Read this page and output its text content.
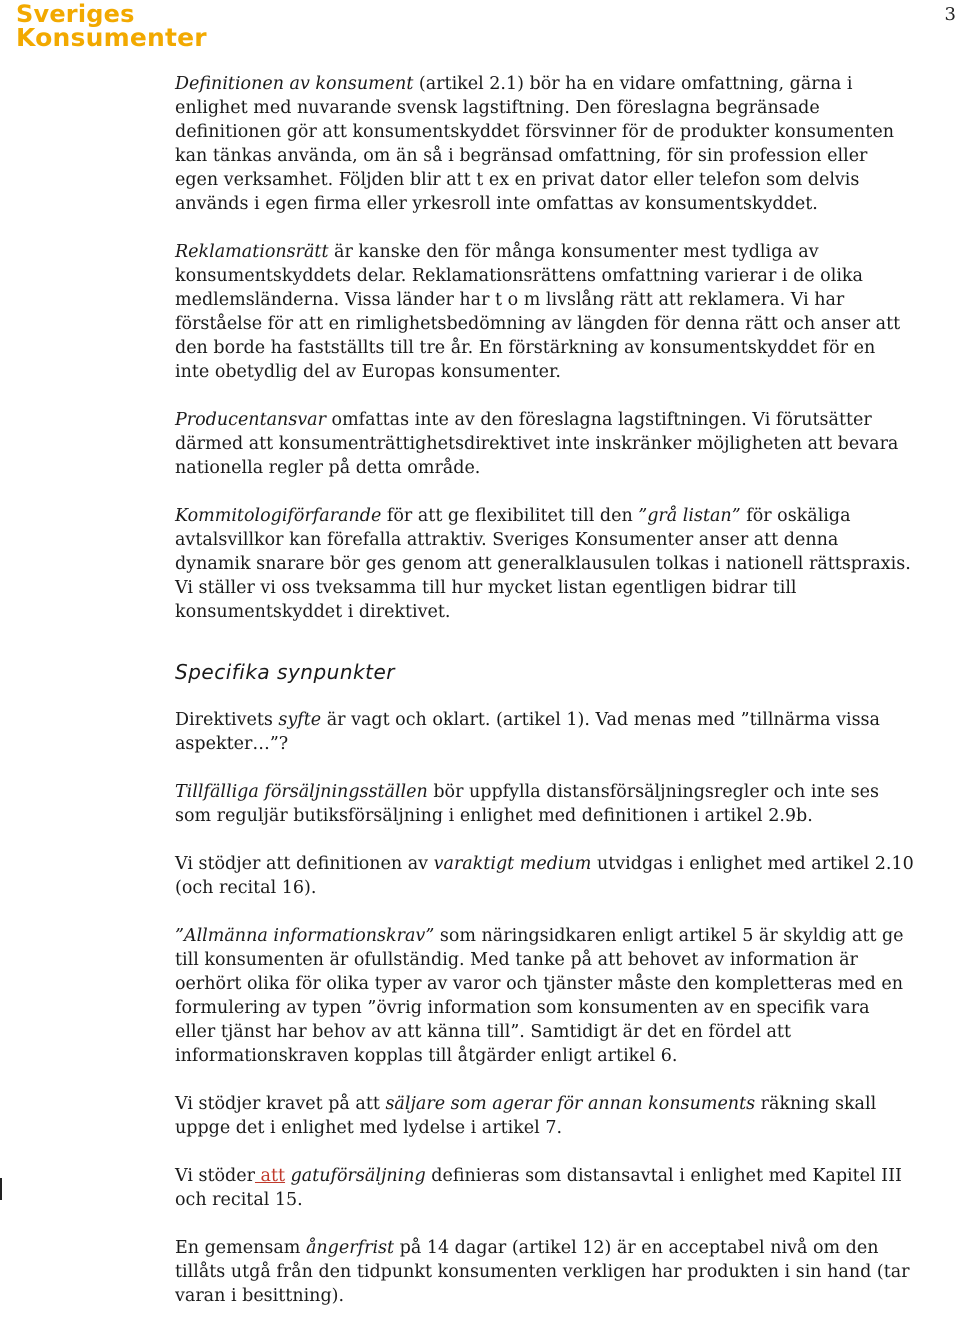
Sveriges
Konsumenter
3

Definitionen av konsument (artikel 2.1) bör ha en vidare omfattning, gärna i enlighet med nuvarande svensk lagstiftning. Den föreslagna begränsade definitionen gör att konsumentskyddet försvinner för de produkter konsumenten kan tänkas använda, om än så i begränsad omfattning, för sin profession eller egen verksamhet. Följden blir att t ex en privat dator eller telefon som delvis används i egen firma eller yrkesroll inte omfattas av konsumentskyddet.

Reklamationsrätt är kanske den för många konsumenter mest tydliga av konsumentskyddets delar. Reklamationsrättens omfattning varierar i de olika medlemsländerna. Vissa länder har t o m livslång rätt att reklamera. Vi har förståelse för att en rimlighetsbedömning av längden för denna rätt och anser att den borde ha fastställts till tre år. En förstärkning av konsumentskyddet för en inte obetydlig del av Europas konsumenter.

Producentansvar omfattas inte av den föreslagna lagstiftningen. Vi förutsätter därmed att konsumenträttighetsdirektivet inte inskränker möjligheten att bevara nationella regler på detta område.

Kommitologiförfarande för att ge flexibilitet till den ”grå listan” för oskäliga avtalsvillkor kan förefalla attraktiv. Sveriges Konsumenter anser att denna dynamik snarare bör ges genom att generalklausulen tolkas i nationell rättspraxis. Vi ställer vi oss tveksamma till hur mycket listan egentligen bidrar till konsumentskyddet i direktivet.

Specifika synpunkter

Direktivets syfte är vagt och oklart. (artikel 1). Vad menas med ”tillnärma vissa aspekter…”?

Tillfälliga försäljningsställen bör uppfylla distansförsäljningsregler och inte ses som reguljär butiksförsäljning i enlighet med definitionen i artikel 2.9b.

Vi stödjer att definitionen av varaktigt medium utvidgas i enlighet med artikel 2.10 (och recital 16).

”Allmänna informationskrav” som näringsidkaren enligt artikel 5 är skyldig att ge till konsumenten är ofullständig. Med tanke på att behovet av information är oerhört olika för olika typer av varor och tjänster måste den kompletteras med en formulering av typen ”övrig information som konsumenten av en specifik vara eller tjänst har behov av att känna till”. Samtidigt är det en fördel att informationskraven kopplas till åtgärder enligt artikel 6.

Vi stödjer kravet på att säljare som agerar för annan konsuments räkning skall uppge det i enlighet med lydelse i artikel 7.

Vi stöder att gatuförsäljning definieras som distansavtal i enlighet med Kapitel III och recital 15.

En gemensam ångerfrist på 14 dagar (artikel 12) är en acceptabel nivå om den tillåts utgå från den tidpunkt konsumenten verkligen har produkten i sin hand (tar varan i besittning).
